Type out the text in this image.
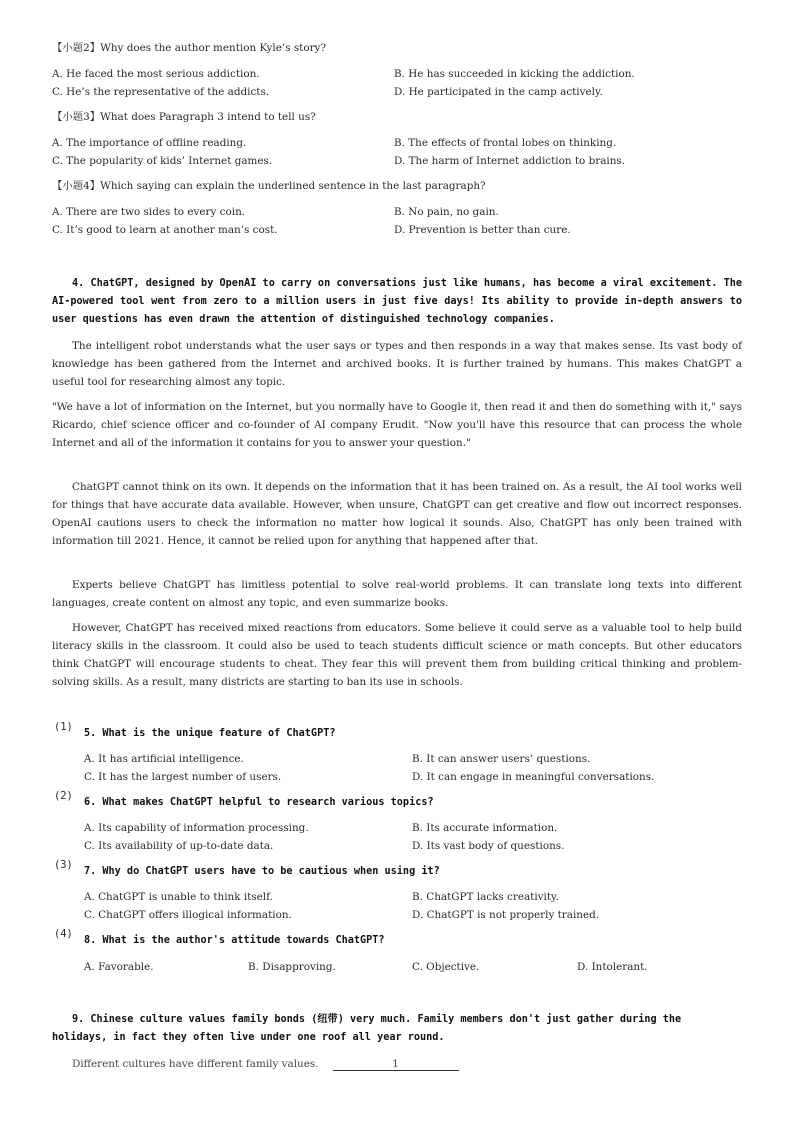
【小题2】Why does the author mention Kyle’s story?
A. He faced the most serious addiction.	B. He has succeeded in kicking the addiction.
C. He’s the representative of the addicts.	D. He participated in the camp actively.
【小题3】What does Paragraph 3 intend to tell us?
A. The importance of offline reading.	B. The effects of frontal lobes on thinking.
C. The popularity of kids’ Internet games.	D. The harm of Internet addiction to brains.
【小题4】Which saying can explain the underlined sentence in the last paragraph?
A. There are two sides to every coin.	B. No pain, no gain.
C. It’s good to learn at another man’s cost.	D. Prevention is better than cure.
4. ChatGPT, designed by OpenAI to carry on conversations just like humans, has become a viral excitement. The AI-powered tool went from zero to a million users in just five days! Its ability to provide in-depth answers to user questions has even drawn the attention of distinguished technology companies.
The intelligent robot understands what the user says or types and then responds in a way that makes sense. Its vast body of knowledge has been gathered from the Internet and archived books. It is further trained by humans. This makes ChatGPT a useful tool for researching almost any topic.
"We have a lot of information on the Internet, but you normally have to Google it, then read it and then do something with it," says Ricardo, chief science officer and co-founder of AI company Erudit. "Now you'll have this resource that can process the whole Internet and all of the information it contains for you to answer your question."
ChatGPT cannot think on its own. It depends on the information that it has been trained on. As a result, the AI tool works well for things that have accurate data available. However, when unsure, ChatGPT can get creative and flow out incorrect responses. OpenAI cautions users to check the information no matter how logical it sounds. Also, ChatGPT has only been trained with information till 2021. Hence, it cannot be relied upon for anything that happened after that.
Experts believe ChatGPT has limitless potential to solve real-world problems. It can translate long texts into different languages, create content on almost any topic, and even summarize books.
However, ChatGPT has received mixed reactions from educators. Some believe it could serve as a valuable tool to help build literacy skills in the classroom. It could also be used to teach students difficult science or math concepts. But other educators think ChatGPT will encourage students to cheat. They fear this will prevent them from building critical thinking and problem-solving skills. As a result, many districts are starting to ban its use in schools.
(1)
5. What is the unique feature of ChatGPT?
A. It has artificial intelligence.	B. It can answer users’ questions.
C. It has the largest number of users.	D. It can engage in meaningful conversations.
(2)
6. What makes ChatGPT helpful to research various topics?
A. Its capability of information processing.	B. Its accurate information.
C. Its availability of up-to-date data.	D. Its vast body of questions.
(3)
7. Why do ChatGPT users have to be cautious when using it?
A. ChatGPT is unable to think itself.	B. ChatGPT lacks creativity.
C. ChatGPT offers illogical information.	D. ChatGPT is not properly trained.
(4)
8. What is the author's attitude towards ChatGPT?
A. Favorable.	B. Disapproving.	C. Objective.	D. Intolerant.
9. Chinese culture values family bonds (纽带) very much. Family members don't just gather during the holidays, in fact they often live under one roof all year round.
Different cultures have different family values.	1
